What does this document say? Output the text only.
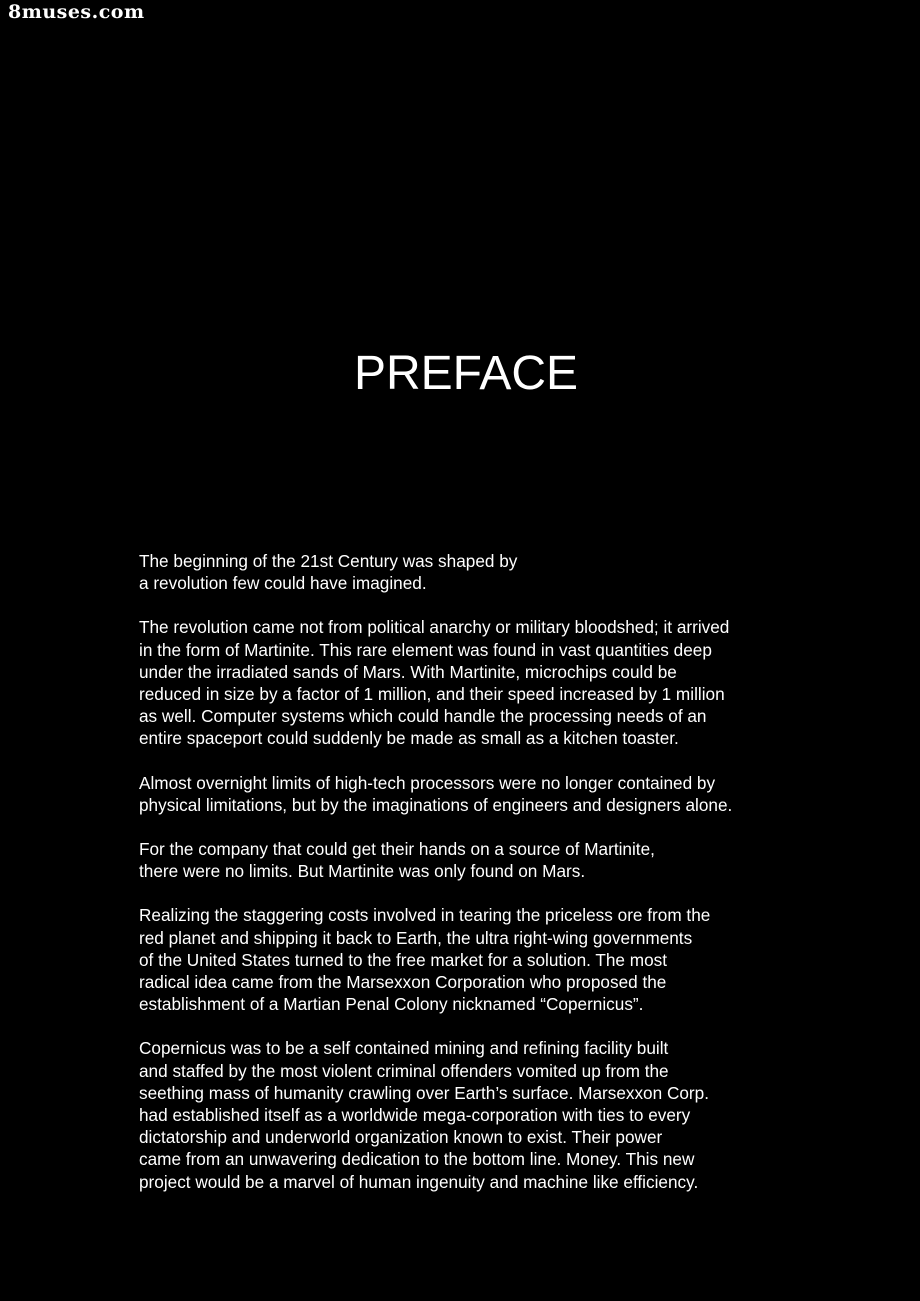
8muses.com
PREFACE
The beginning of the 21st Century was shaped by
a revolution few could have imagined.
The revolution came not from political anarchy or military bloodshed; it arrived
in the form of Martinite. This rare element was found in vast quantities deep
under the irradiated sands of Mars. With Martinite, microchips could be
reduced in size by a factor of 1 million, and their speed increased by 1 million
as well. Computer systems which could handle the processing needs of an
entire spaceport could suddenly be made as small as a kitchen toaster.
Almost overnight limits of high-tech processors were no longer contained by
physical limitations, but by the imaginations of engineers and designers alone.
For the company that could get their hands on a source of Martinite,
there were no limits. But Martinite was only found on Mars.
Realizing the staggering costs involved in tearing the priceless ore from the
red planet and shipping it back to Earth, the ultra right-wing governments
of the United States turned to the free market for a solution. The most
radical idea came from the Marsexxon Corporation who proposed the
establishment of a Martian Penal Colony nicknamed “Copernicus”.
Copernicus was to be a self contained mining and refining facility built
and staffed by the most violent criminal offenders vomited up from the
seething mass of humanity crawling over Earth’s surface. Marsexxon Corp.
had established itself as a worldwide mega-corporation with ties to every
dictatorship and underworld organization known to exist. Their power
came from an unwavering dedication to the bottom line. Money. This new
project would be a marvel of human ingenuity and machine like efficiency.
